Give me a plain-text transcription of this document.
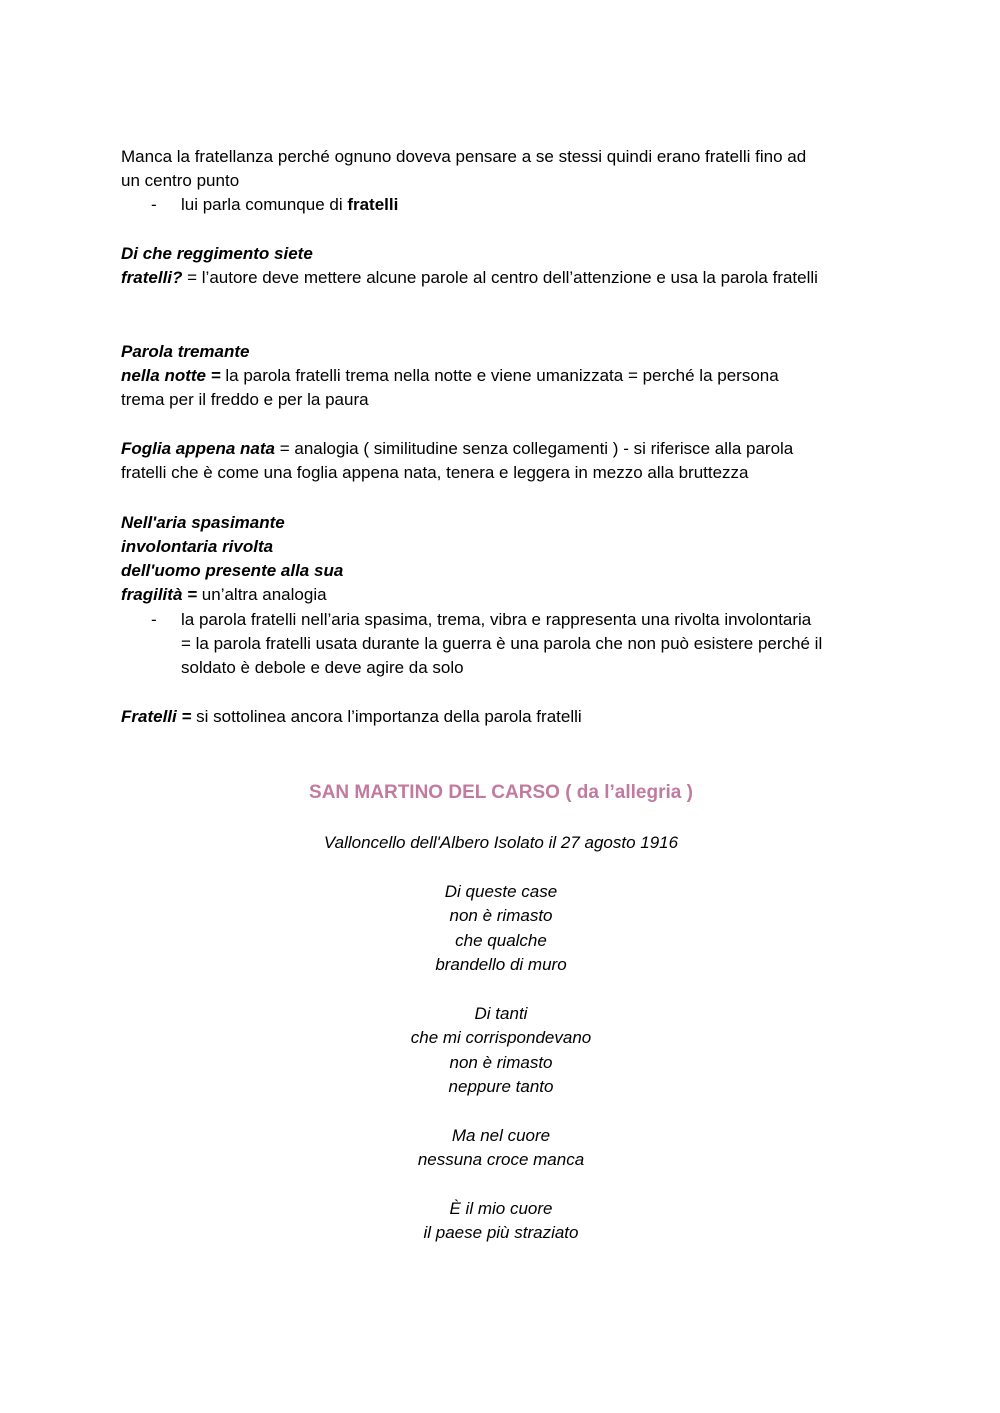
Manca la fratellanza perché ognuno doveva pensare a se stessi quindi erano fratelli fino ad
un centro punto
- lui parla comunque di fratelli
Di che reggimento siete
fratelli? = l’autore deve mettere alcune parole al centro dell’attenzione e usa la parola fratelli
Parola tremante
nella notte = la parola fratelli trema nella notte e viene umanizzata = perché la persona
trema per il freddo e per la paura
Foglia appena nata = analogia ( similitudine senza collegamenti ) - si riferisce alla parola
fratelli che è come una foglia appena nata, tenera e leggera in mezzo alla bruttezza
Nell'aria spasimante
involontaria rivolta
dell'uomo presente alla sua
fragilità = un’altra analogia
- la parola fratelli nell’aria spasima, trema, vibra e rappresenta una rivolta involontaria
= la parola fratelli usata durante la guerra è una parola che non può esistere perché il
soldato è debole e deve agire da solo
Fratelli = si sottolinea ancora l’importanza della parola fratelli
SAN MARTINO DEL CARSO ( da l’allegria )
Valloncello dell'Albero Isolato il 27 agosto 1916
Di queste case
non è rimasto
che qualche
brandello di muro
Di tanti
che mi corrispondevano
non è rimasto
neppure tanto
Ma nel cuore
nessuna croce manca
È il mio cuore
il paese più straziato
